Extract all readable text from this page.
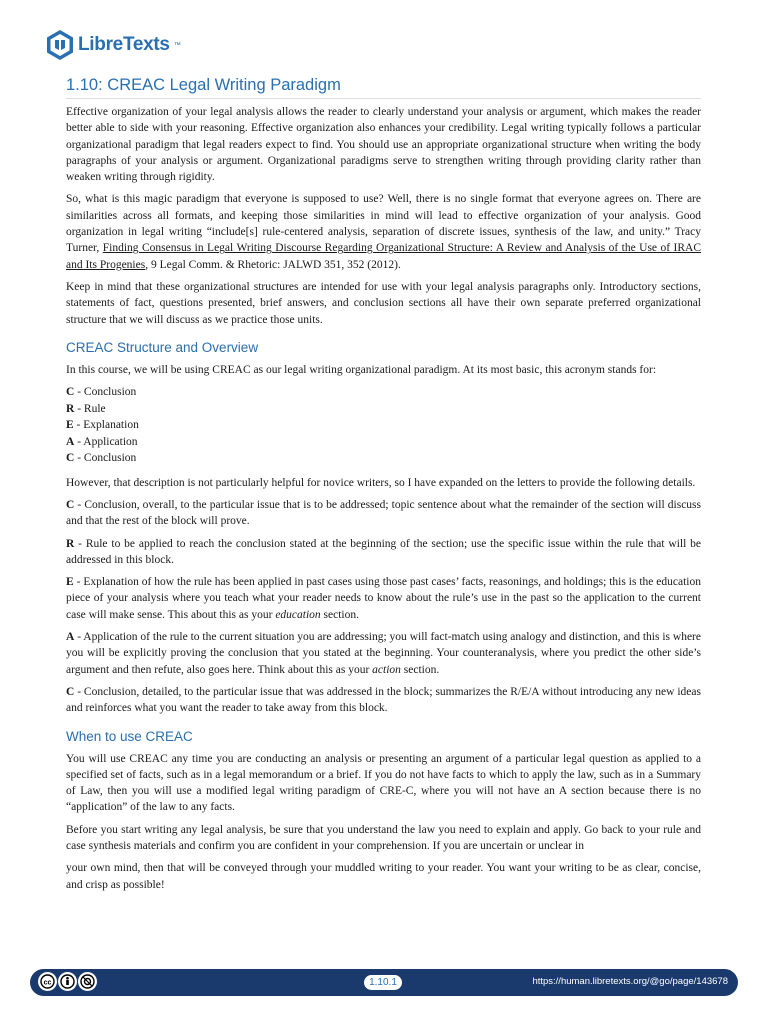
LibreTexts ™
1.10: CREAC Legal Writing Paradigm

Effective organization of your legal analysis allows the reader to clearly understand your analysis or argument, which makes the reader better able to side with your reasoning. Effective organization also enhances your credibility. Legal writing typically follows a particular organizational paradigm that legal readers expect to find. You should use an appropriate organizational structure when writing the body paragraphs of your analysis or argument. Organizational paradigms serve to strengthen writing through providing clarity rather than weaken writing through rigidity.

So, what is this magic paradigm that everyone is supposed to use? Well, there is no single format that everyone agrees on. There are similarities across all formats, and keeping those similarities in mind will lead to effective organization of your analysis. Good organization in legal writing “include[s] rule-centered analysis, separation of discrete issues, synthesis of the law, and unity.” Tracy Turner, Finding Consensus in Legal Writing Discourse Regarding Organizational Structure: A Review and Analysis of the Use of IRAC and Its Progenies, 9 Legal Comm. & Rhetoric: JALWD 351, 352 (2012).

Keep in mind that these organizational structures are intended for use with your legal analysis paragraphs only. Introductory sections, statements of fact, questions presented, brief answers, and conclusion sections all have their own separate preferred organizational structure that we will discuss as we practice those units.

CREAC Structure and Overview

In this course, we will be using CREAC as our legal writing organizational paradigm. At its most basic, this acronym stands for:

C - Conclusion
R - Rule
E - Explanation
A - Application
C - Conclusion

However, that description is not particularly helpful for novice writers, so I have expanded on the letters to provide the following details.

C - Conclusion, overall, to the particular issue that is to be addressed; topic sentence about what the remainder of the section will discuss and that the rest of the block will prove.

R - Rule to be applied to reach the conclusion stated at the beginning of the section; use the specific issue within the rule that will be addressed in this block.

E - Explanation of how the rule has been applied in past cases using those past cases’ facts, reasonings, and holdings; this is the education piece of your analysis where you teach what your reader needs to know about the rule’s use in the past so the application to the current case will make sense. This about this as your education section.

A - Application of the rule to the current situation you are addressing; you will fact-match using analogy and distinction, and this is where you will be explicitly proving the conclusion that you stated at the beginning. Your counteranalysis, where you predict the other side’s argument and then refute, also goes here. Think about this as your action section.

C - Conclusion, detailed, to the particular issue that was addressed in the block; summarizes the R/E/A without introducing any new ideas and reinforces what you want the reader to take away from this block.

When to use CREAC

You will use CREAC any time you are conducting an analysis or presenting an argument of a particular legal question as applied to a specified set of facts, such as in a legal memorandum or a brief. If you do not have facts to which to apply the law, such as in a Summary of Law, then you will use a modified legal writing paradigm of CRE-C, where you will not have an A section because there is no “application” of the law to any facts.

Before you start writing any legal analysis, be sure that you understand the law you need to explain and apply. Go back to your rule and case synthesis materials and confirm you are confident in your comprehension. If you are uncertain or unclear in

your own mind, then that will be conveyed through your muddled writing to your reader. You want your writing to be as clear, concise, and crisp as possible!

cc	1.10.1	https://human.libretexts.org/@go/page/143678
